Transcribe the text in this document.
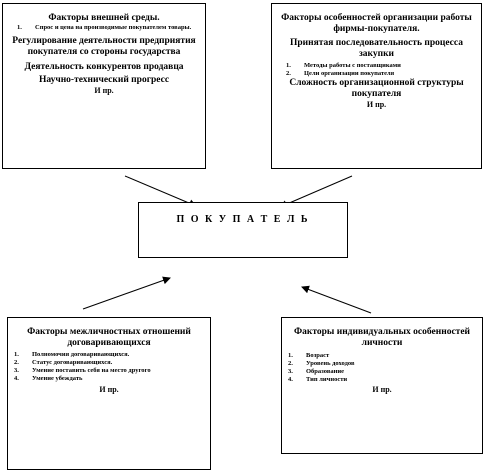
Факторы внешней среды.
1.	Спрос и цена на производимые покупателем товары.
Регулирование деятельности предприятия покупателя со стороны государства
Деятельность конкурентов продавца
Научно-технический прогресс
И пр.
Факторы особенностей организации работы фирмы-покупателя.
Принятая последовательность процесса закупки
1.	Методы работы с поставщиками
2.	Цели организации покупателя
Сложность организационной структуры покупателя
И пр.
П О К У П А Т Е Л Ь
Факторы межличностных отношений договаривающихся
1.	Полномочия договаривающихся.
2.	Статус договаривающихся.
3.	Умение поставить себя на место другого
4.	Умение убеждать
И пр.
Факторы индивидуальных особенностей личности
1.	Возраст
2.	Уровень доходов
3.	Образование
4.	Тип личности
И пр.
